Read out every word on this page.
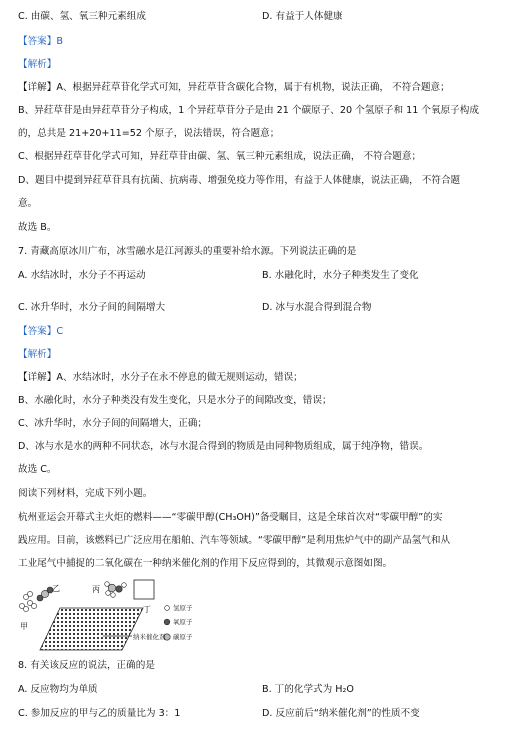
C. 由碳、氢、氧三种元素组成	D. 有益于人体健康
【答案】B
【解析】
【详解】A、根据异荭草苷化学式可知，异荭草苷含碳化合物，属于有机物，说法正确， 不符合题意；
B、异荭草苷是由异荭草苷分子构成，1 个异荭草苷分子是由 21 个碳原子、20 个氢原子和 11 个氧原子构成
的，总共是 21+20+11=52 个原子，说法错误，符合题意；
C、根据异荭草苷化学式可知，异荭草苷由碳、氢、氧三种元素组成，说法正确， 不符合题意；
D、题目中提到异荭草苷具有抗菌、抗病毒、增强免疫力等作用，有益于人体健康，说法正确， 不符合题
意。
故选 B。
7. 青藏高原冰川广布，冰雪融水是江河源头的重要补给水源。下列说法正确的是
A. 水结冰时，水分子不再运动	B. 水融化时，水分子种类发生了变化
C. 冰升华时，水分子间的间隔增大	D. 冰与水混合得到混合物
【答案】C
【解析】
【详解】A、水结冰时，水分子在永不停息的做无规则运动，错误；
B、水融化时，水分子种类没有发生变化，只是水分子的间隙改变，错误；
C、冰升华时，水分子间的间隔增大，正确；
D、冰与水是水的两种不同状态，冰与水混合得到的物质是由同种物质组成，属于纯净物，错误。
故选 C。
阅读下列材料，完成下列小题。
杭州亚运会开幕式主火炬的燃料——“零碳甲醇(CH₃OH)”备受瞩目，这是全球首次对“零碳甲醇”的实
践应用。目前，该燃料已广泛应用在船舶、汽车等领域。“零碳甲醇”是利用焦炉气中的副产品氢气和从
工业尾气中捕捉的二氧化碳在一种纳米催化剂的作用下反应得到的，其微观示意图如图。
乙
甲
丙
丁
纳米催化剂
氢原子
氧原子
碳原子
8. 有关该反应的说法，正确的是
A. 反应物均为单质	B. 丁的化学式为 H₂O
C. 参加反应的甲与乙的质量比为 3：1	D. 反应前后“纳米催化剂”的性质不变
